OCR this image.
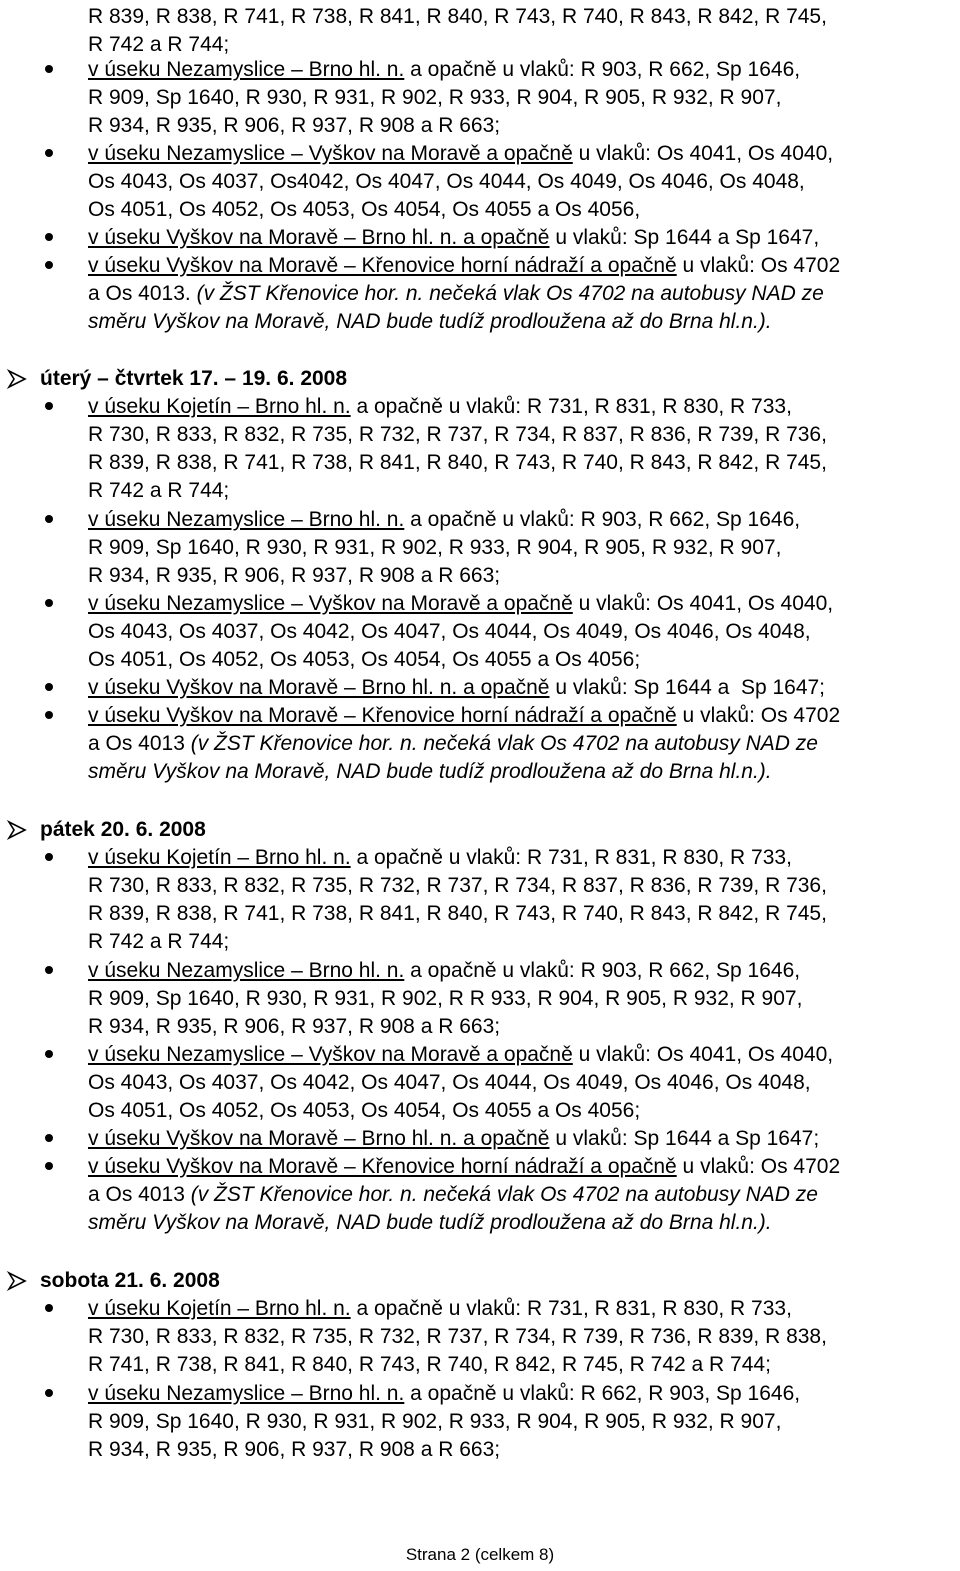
R 839, R 838, R 741, R 738, R 841, R 840, R 743, R 740, R 843, R 842, R 745,
R 742 a R 744;
v úseku Nezamyslice – Brno hl. n. a opačně u vlaků: R 903, R 662, Sp 1646,
R 909, Sp 1640, R 930, R 931, R 902, R 933, R 904, R 905, R 932, R 907,
R 934, R 935, R 906, R 937, R 908 a R 663;
v úseku Nezamyslice – Vyškov na Moravě a opačně u vlaků: Os 4041, Os 4040,
Os 4043, Os 4037, Os4042, Os 4047, Os 4044, Os 4049, Os 4046, Os 4048,
Os 4051, Os 4052, Os 4053, Os 4054, Os 4055 a Os 4056,
v úseku Vyškov na Moravě – Brno hl. n. a opačně u vlaků: Sp 1644 a Sp 1647,
v úseku Vyškov na Moravě – Křenovice horní nádraží a opačně u vlaků: Os 4702
a Os 4013. (v ŽST Křenovice hor. n. nečeká vlak Os 4702 na autobusy NAD ze
směru Vyškov na Moravě, NAD bude tudíž prodloužena až do Brna hl.n.).
úterý – čtvrtek 17. – 19. 6. 2008
v úseku Kojetín – Brno hl. n. a opačně u vlaků: R 731, R 831, R 830, R 733,
R 730, R 833, R 832, R 735, R 732, R 737, R 734, R 837, R 836, R 739, R 736,
R 839, R 838, R 741, R 738, R 841, R 840, R 743, R 740, R 843, R 842, R 745,
R 742 a R 744;
v úseku Nezamyslice – Brno hl. n. a opačně u vlaků: R 903, R 662, Sp 1646,
R 909, Sp 1640, R 930, R 931, R 902, R 933, R 904, R 905, R 932, R 907,
R 934, R 935, R 906, R 937, R 908 a R 663;
v úseku Nezamyslice – Vyškov na Moravě a opačně u vlaků: Os 4041, Os 4040,
Os 4043, Os 4037, Os 4042, Os 4047, Os 4044, Os 4049, Os 4046, Os 4048,
Os 4051, Os 4052, Os 4053, Os 4054, Os 4055 a Os 4056;
v úseku Vyškov na Moravě – Brno hl. n. a opačně u vlaků: Sp 1644 a  Sp 1647;
v úseku Vyškov na Moravě – Křenovice horní nádraží a opačně u vlaků: Os 4702
a Os 4013 (v ŽST Křenovice hor. n. nečeká vlak Os 4702 na autobusy NAD ze
směru Vyškov na Moravě, NAD bude tudíž prodloužena až do Brna hl.n.).
pátek 20. 6. 2008
v úseku Kojetín – Brno hl. n. a opačně u vlaků: R 731, R 831, R 830, R 733,
R 730, R 833, R 832, R 735, R 732, R 737, R 734, R 837, R 836, R 739, R 736,
R 839, R 838, R 741, R 738, R 841, R 840, R 743, R 740, R 843, R 842, R 745,
R 742 a R 744;
v úseku Nezamyslice – Brno hl. n. a opačně u vlaků: R 903, R 662, Sp 1646,
R 909, Sp 1640, R 930, R 931, R 902, R R 933, R 904, R 905, R 932, R 907,
R 934, R 935, R 906, R 937, R 908 a R 663;
v úseku Nezamyslice – Vyškov na Moravě a opačně u vlaků: Os 4041, Os 4040,
Os 4043, Os 4037, Os 4042, Os 4047, Os 4044, Os 4049, Os 4046, Os 4048,
Os 4051, Os 4052, Os 4053, Os 4054, Os 4055 a Os 4056;
v úseku Vyškov na Moravě – Brno hl. n. a opačně u vlaků: Sp 1644 a Sp 1647;
v úseku Vyškov na Moravě – Křenovice horní nádraží a opačně u vlaků: Os 4702
a Os 4013 (v ŽST Křenovice hor. n. nečeká vlak Os 4702 na autobusy NAD ze
směru Vyškov na Moravě, NAD bude tudíž prodloužena až do Brna hl.n.).
sobota 21. 6. 2008
v úseku Kojetín – Brno hl. n. a opačně u vlaků: R 731, R 831, R 830, R 733,
R 730, R 833, R 832, R 735, R 732, R 737, R 734, R 739, R 736, R 839, R 838,
R 741, R 738, R 841, R 840, R 743, R 740, R 842, R 745, R 742 a R 744;
v úseku Nezamyslice – Brno hl. n. a opačně u vlaků: R 662, R 903, Sp 1646,
R 909, Sp 1640, R 930, R 931, R 902, R 933, R 904, R 905, R 932, R 907,
R 934, R 935, R 906, R 937, R 908 a R 663;
Strana 2 (celkem 8)
